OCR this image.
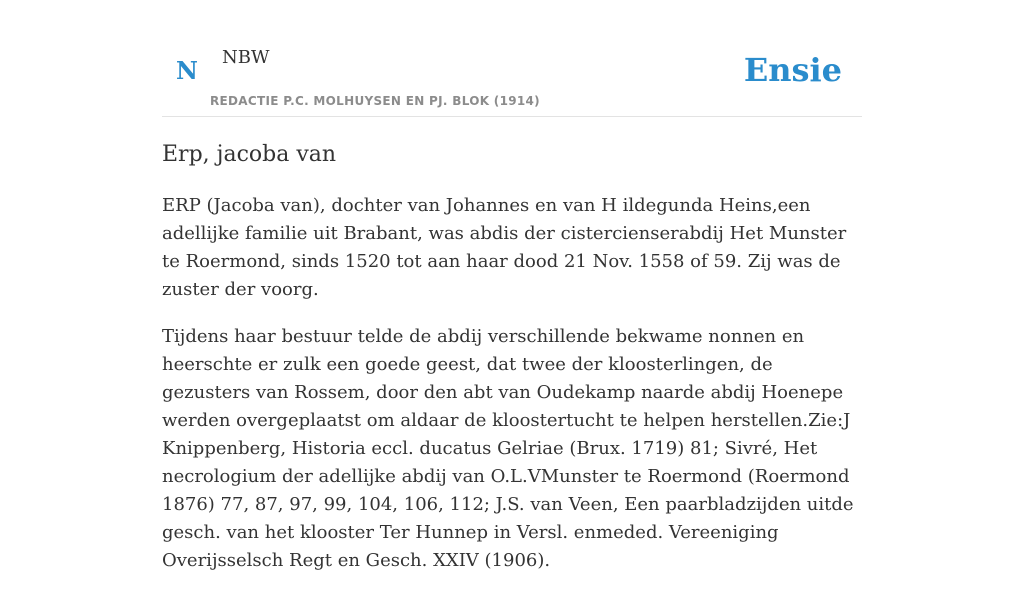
N NBW
REDACTIE P.C. MOLHUYSEN EN PJ. BLOK (1914)
Ensie
Erp, jacoba van

ERP (Jacoba van), dochter van Johannes en van H ildegunda Heins,een adellijke familie uit Brabant, was abdis der cistercienserabdij Het Munster te Roermond, sinds 1520 tot aan haar dood 21 Nov. 1558 of 59. Zij was de zuster der voorg.

Tijdens haar bestuur telde de abdij verschillende bekwame nonnen en heerschte er zulk een goede geest, dat twee der kloosterlingen, de gezusters van Rossem, door den abt van Oudekamp naarde abdij Hoenepe werden overgeplaatst om aldaar de kloostertucht te helpen herstellen.Zie:J Knippenberg, Historia eccl. ducatus Gelriae (Brux. 1719) 81; Sivré, Het necrologium der adellijke abdij van O.L.VMunster te Roermond (Roermond 1876) 77, 87, 97, 99, 104, 106, 112; J.S. van Veen, Een paarbladzijden uitde gesch. van het klooster Ter Hunnep in Versl. enmeded. Vereeniging Overijsselsch Regt en Gesch. XXIV (1906).
